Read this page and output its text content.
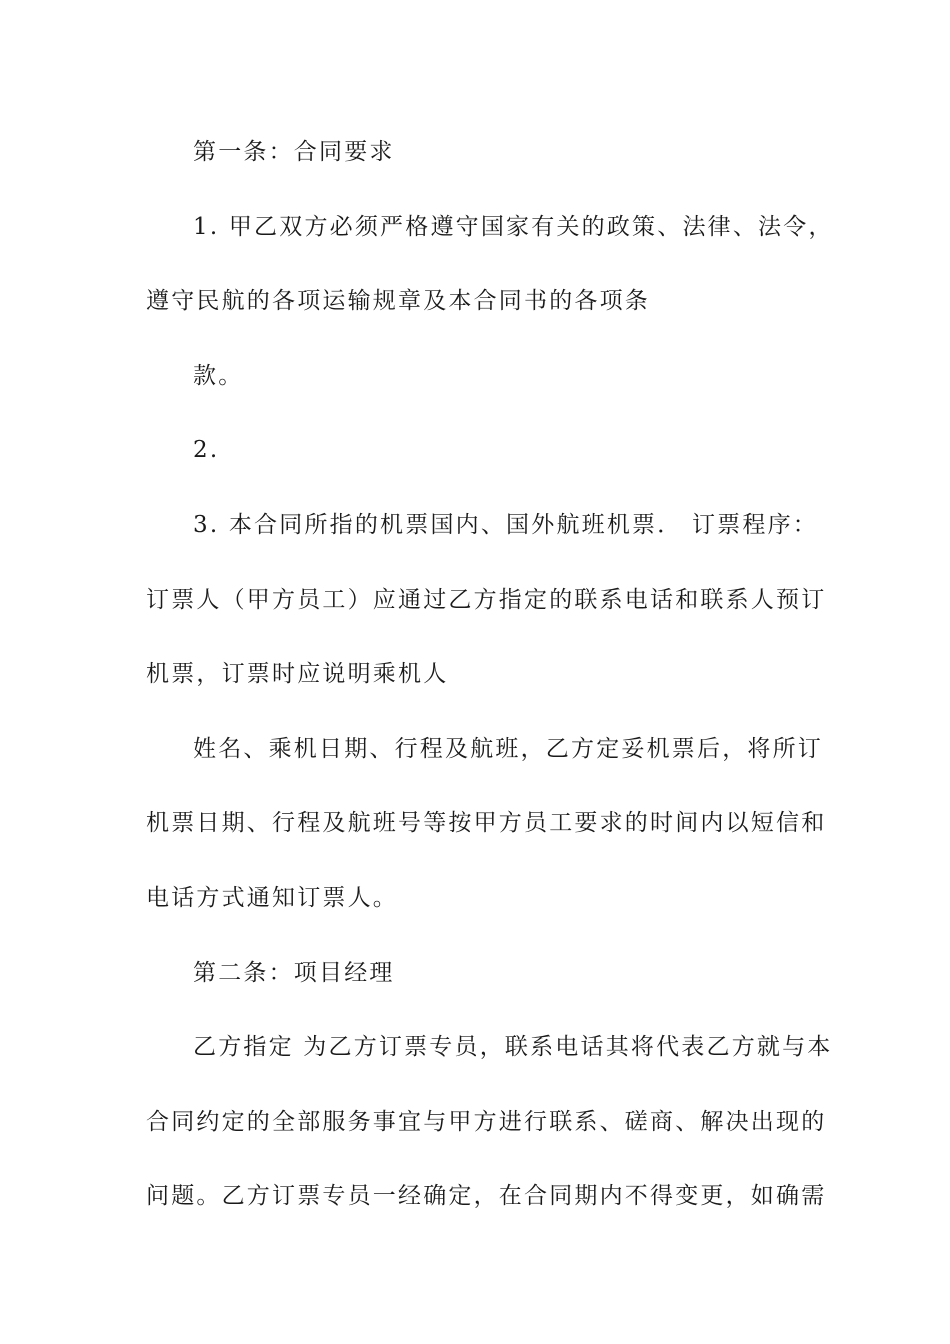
第一条：合同要求
1. 甲乙双方必须严格遵守国家有关的政策、法律、法令，
遵守民航的各项运输规章及本合同书的各项条
款。
2.
3. 本合同所指的机票国内、国外航班机票． 订票程序：
订票人（甲方员工）应通过乙方指定的联系电话和联系人预订
机票，订票时应说明乘机人
姓名、乘机日期、行程及航班，乙方定妥机票后，将所订
机票日期、行程及航班号等按甲方员工要求的时间内以短信和
电话方式通知订票人。
第二条：项目经理
乙方指定 为乙方订票专员，联系电话其将代表乙方就与本
合同约定的全部服务事宜与甲方进行联系、磋商、解决出现的
问题。乙方订票专员一经确定，在合同期内不得变更，如确需
